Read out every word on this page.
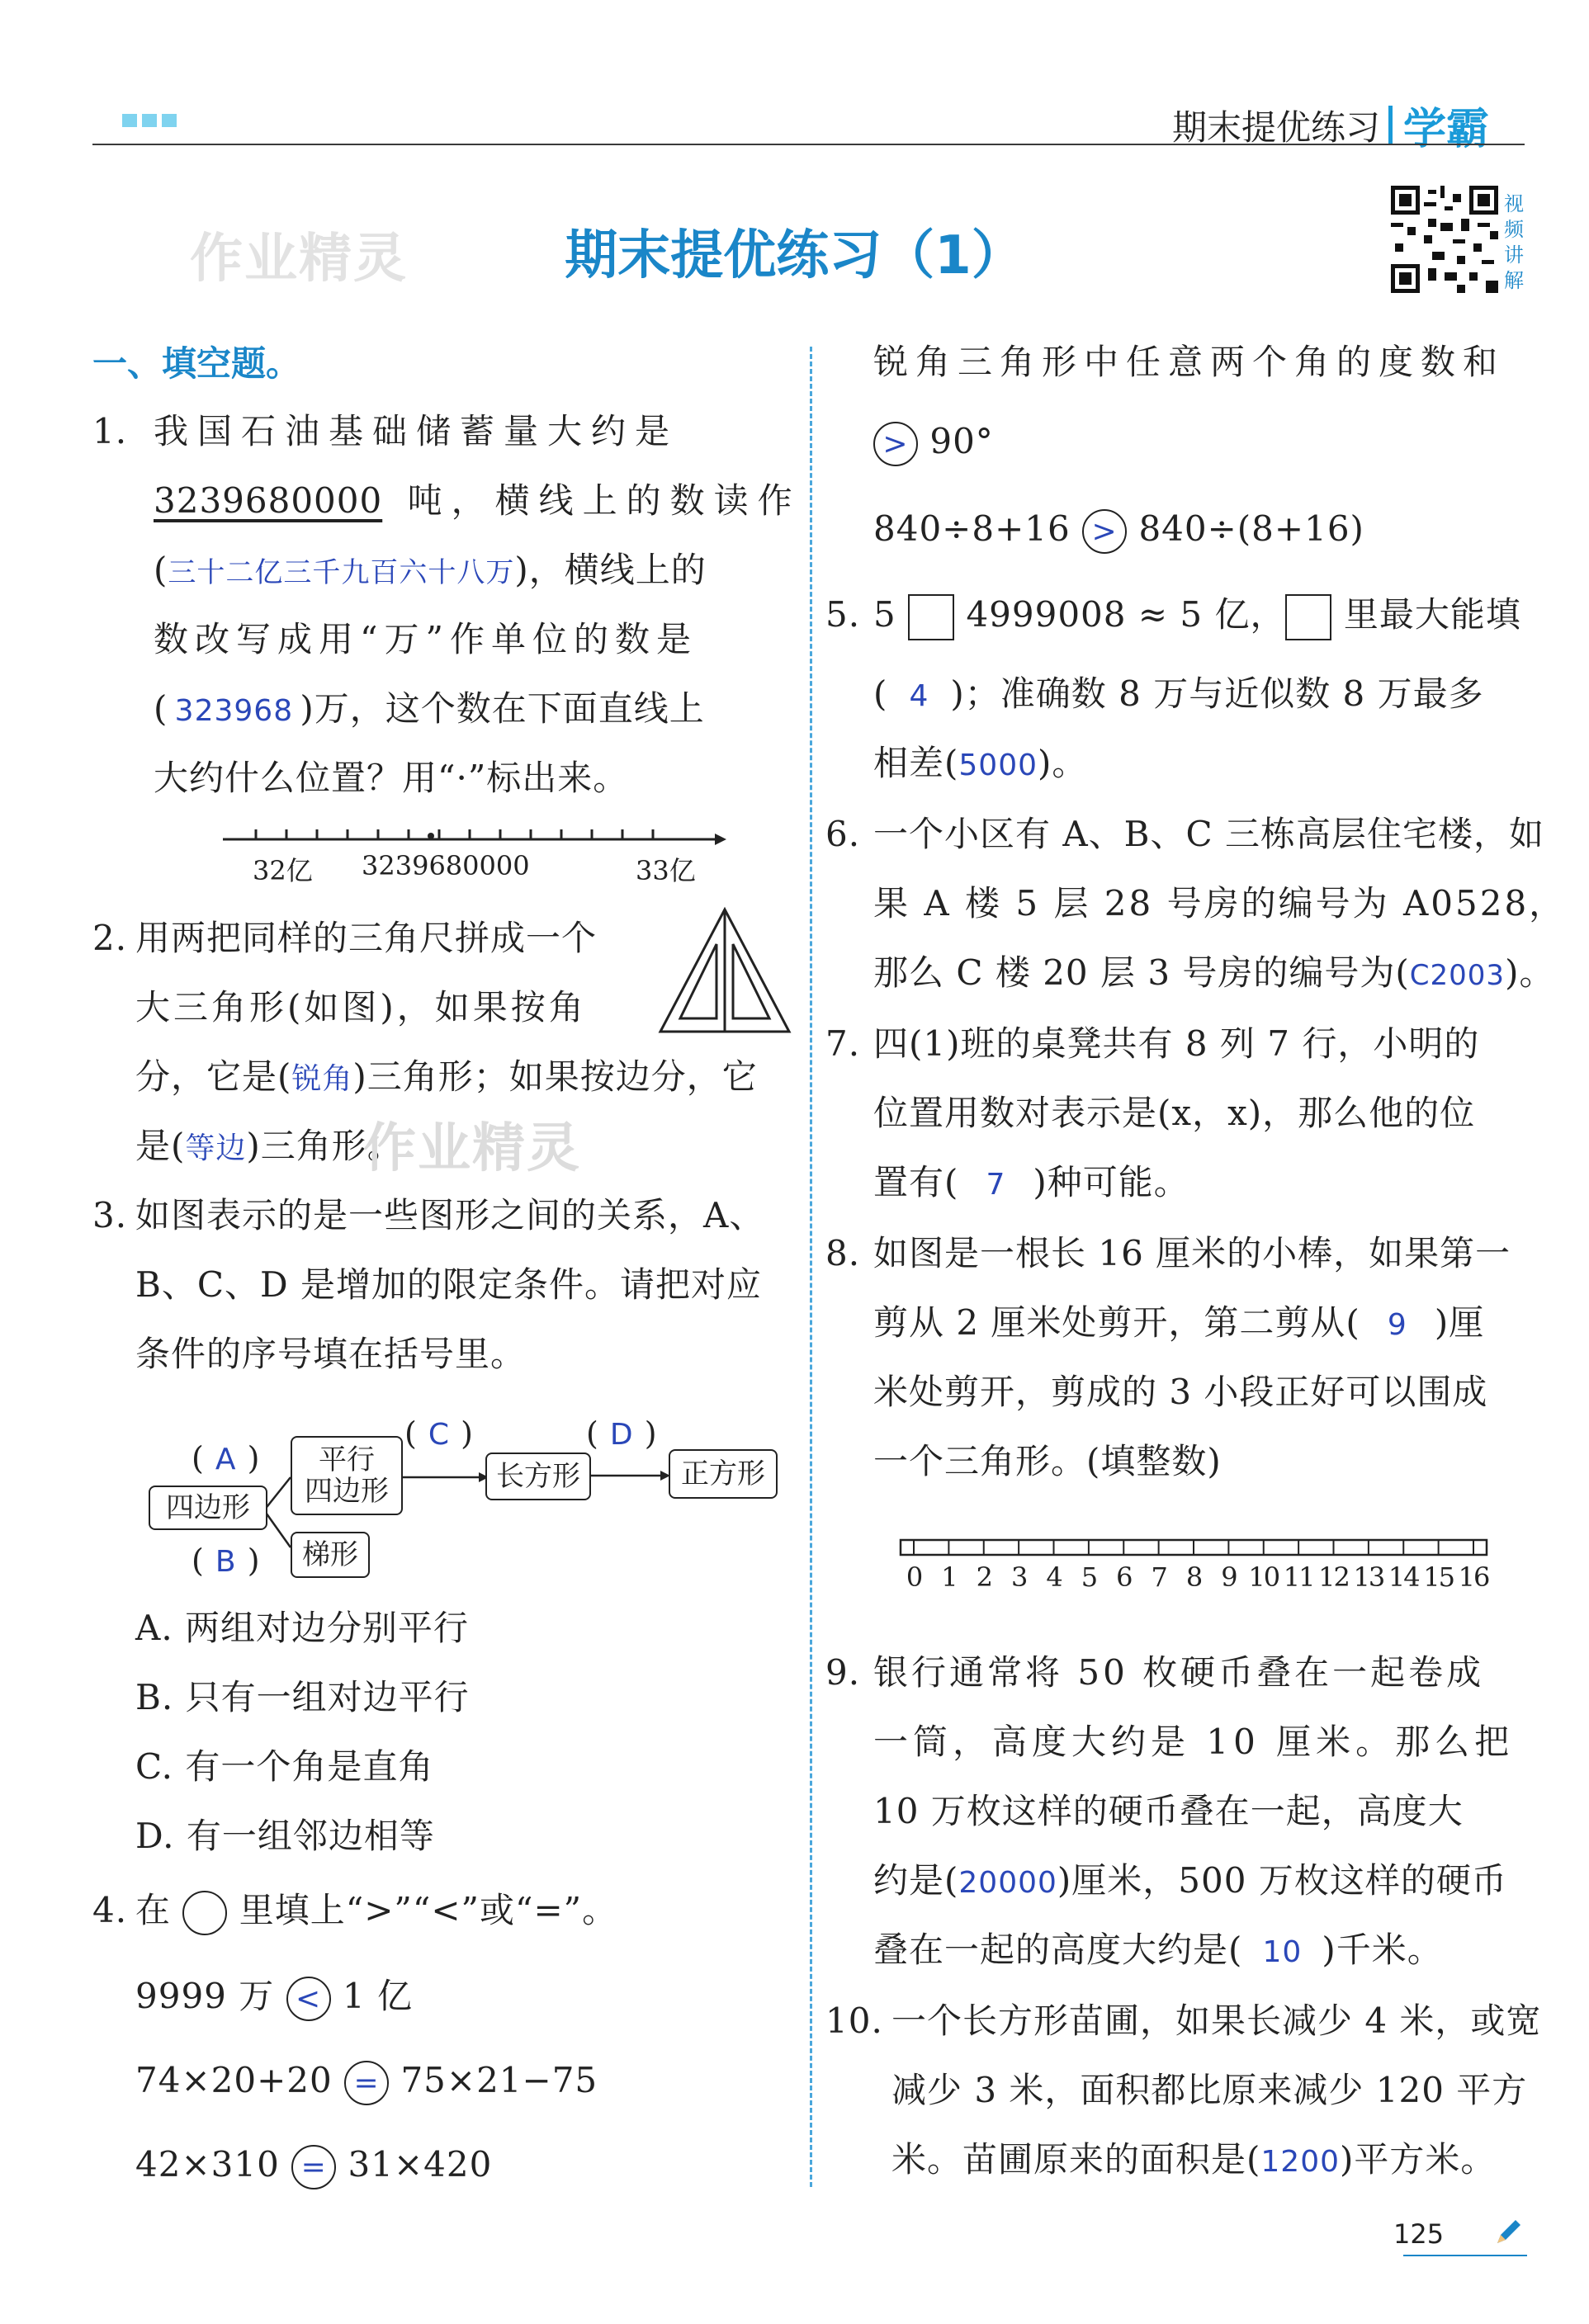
期末提优练习 学霸
作业精灵	期末提优练习（1）
视频讲解
一、填空题。
1. 我国石油基础储蓄量大约是
3239680000 吨，横线上的数读作
(三十二亿三千九百六十八万)，横线上的
数改写成用“万”作单位的数是
( 323968 )万，这个数在下面直线上
大约什么位置？用“·”标出来。
32亿 3239680000	33亿
2. 用两把同样的三角尺拼成一个
大三角形(如图)，如果按角
分，它是(锐角)三角形；如果按边分，它
是(等边)三角形。
作业精灵
3. 如图表示的是一些图形之间的关系，A、
B、C、D 是增加的限定条件。请把对应
条件的序号填在括号里。
四边形
平行
四边形	长方形	正方形
梯形
( A )
( C )	( D )
( B )
A. 两组对边分别平行
B. 只有一组对边平行
C. 有一个角是直角
D. 有一组邻边相等
4. 在 里填上“>”“<”或“=”。
9999 万 < 1 亿
74×20+20 = 75×21−75
42×310 = 31×420
锐角三角形中任意两个角的度数和
> 90°
840÷8+16 > 840÷(8+16)
5. 5 4999008 ≈ 5 亿， 里最大能填
( 4 )；准确数 8 万与近似数 8 万最多
相差(5000)。
6. 一个小区有 A、B、C 三栋高层住宅楼，如
果 A 楼 5 层 28 号房的编号为 A0528，
那么 C 楼 20 层 3 号房的编号为(C2003)。
7. 四(1)班的桌凳共有 8 列 7 行，小明的
位置用数对表示是(x，x)，那么他的位
置有( 7 )种可能。
8. 如图是一根长 16 厘米的小棒，如果第一
剪从 2 厘米处剪开，第二剪从( 9 )厘
米处剪开，剪成的 3 小段正好可以围成
一个三角形。(填整数)
0 1 2 3 4 5 6 7 8 9 10 11 12 13 14 15 16
9. 银行通常将 50 枚硬币叠在一起卷成
一筒，高度大约是 10 厘米。那么把
10 万枚这样的硬币叠在一起，高度大
约是(20000)厘米，500 万枚这样的硬币
叠在一起的高度大约是( 10 )千米。
10. 一个长方形苗圃，如果长减少 4 米，或宽
减少 3 米，面积都比原来减少 120 平方
米。苗圃原来的面积是(1200)平方米。
125
